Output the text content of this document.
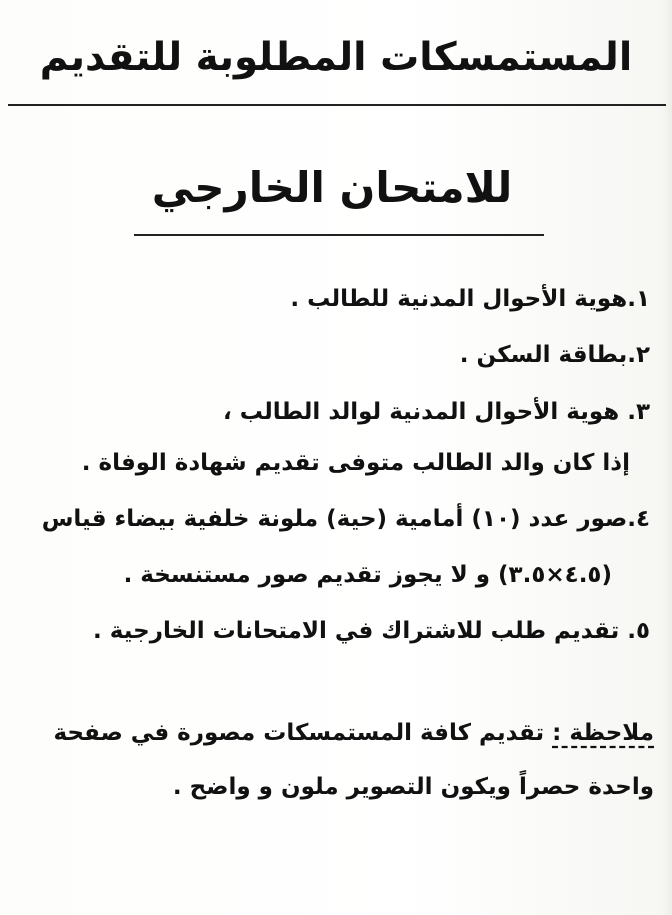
المستمسكات المطلوبة للتقديم
للامتحان الخارجي
١.هوية الأحوال المدنية للطالب .
٢.بطاقة السكن .
٣. هوية الأحوال المدنية لوالد الطالب ،
إذا كان والد الطالب متوفى تقديم شهادة الوفاة .
٤.صور عدد (١٠) أمامية (حية) ملونة خلفية بيضاء قياس
(٤.٥×٣.٥) و لا يجوز تقديم صور مستنسخة .
٥. تقديم طلب للاشتراك في الامتحانات الخارجية .
ملاحظة : تقديم كافة المستمسكات مصورة في صفحة
واحدة حصراً ويكون التصوير ملون و واضح .
